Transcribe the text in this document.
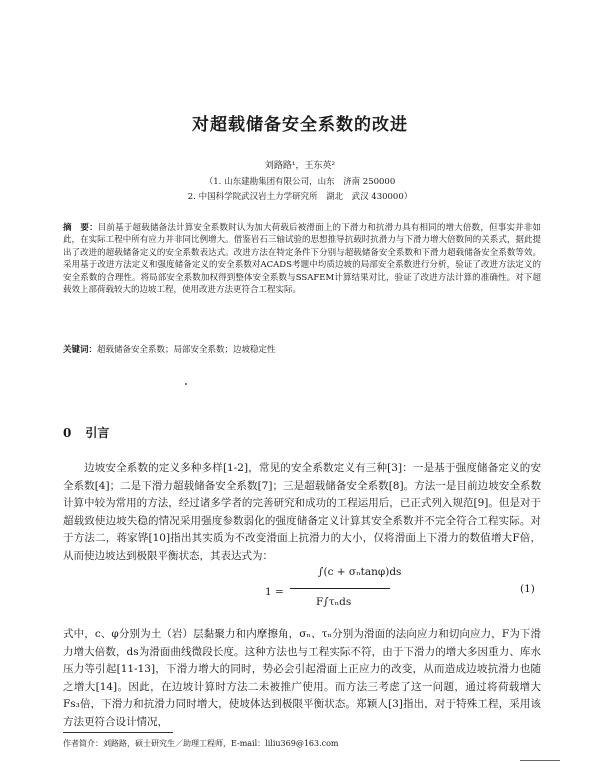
对超载储备安全系数的改进
刘路路¹，王东英²
（1. 山东建勘集团有限公司，山东　济南 250000
2. 中国科学院武汉岩土力学研究所　湖北　武汉 430000）
摘　要：目前基于超载储备法计算安全系数时认为加大荷载后被滑面上的下滑力和抗滑力具有相同的增大倍数，但事实并非如此，在实际工程中所有应力并非同比例增大。借鉴岩石三轴试验的思想推导抗载时抗滑力与下滑力增大倍数间的关系式，据此提出了改进的超载储备定义的安全系数表达式。改进方法在特定条件下分别与超载储备安全系数和下滑力超载储备安全系数等效。采用基于改进方法定义和强度储备定义的安全系数对ACADS考题中均质边坡的局部安全系数进行分析，验证了改进方法定义的安全系数的合理性。将局部安全系数加权得到整体安全系数与SSAFEM计算结果对比，验证了改进方法计算的准确性。对下超载效上部荷载较大的边坡工程，使用改进方法更符合工程实际。
关键词：超载储备安全系数；局部安全系数；边坡稳定性
0 引言
边坡安全系数的定义多种多样[1-2]，常见的安全系数定义有三种[3]：一是基于强度储备定义的安全系数[4]；二是下滑力超载储备安全系数[7]；三是超载储备安全系数[8]。方法一是目前边坡安全系数计算中较为常用的方法，经过诸多学者的完善研究和成功的工程运用后，已正式列入规范[9]。但是对于超载致使边坡失稳的情况采用强度参数弱化的强度储备定义计算其安全系数并不完全符合工程实际。对于方法二，蒋家铧[10]指出其实质为不改变滑面上抗滑力的大小，仅将滑面上下滑力的数值增大F倍，从而使边坡达到极限平衡状态，其表达式为：
1 =
∫(c + σₙtanφ)ds
F∫τₙds
(1)
式中，c、φ分别为土（岩）层黏聚力和内摩擦角，σₙ、τₙ分别为滑面的法向应力和切向应力，F为下滑力增大倍数，ds为滑面曲线微段长度。这种方法也与工程实际不符，由于下滑力的增大多因重力、库水压力等引起[11-13]，下滑力增大的同时，势必会引起滑面上正应力的改变，从而造成边坡抗滑力也随之增大[14]。因此，在边坡计算时方法二未被推广使用。而方法三考虑了这一问题，通过将荷载增大Fs₃倍，下滑力和抗滑力同时增大，使坡体达到极限平衡状态。郑颖人[3]指出，对于特殊工程，采用该方法更符合设计情况，
作者简介：刘路路，硕士研究生／助理工程师，E-mail：liliu369@163.com
